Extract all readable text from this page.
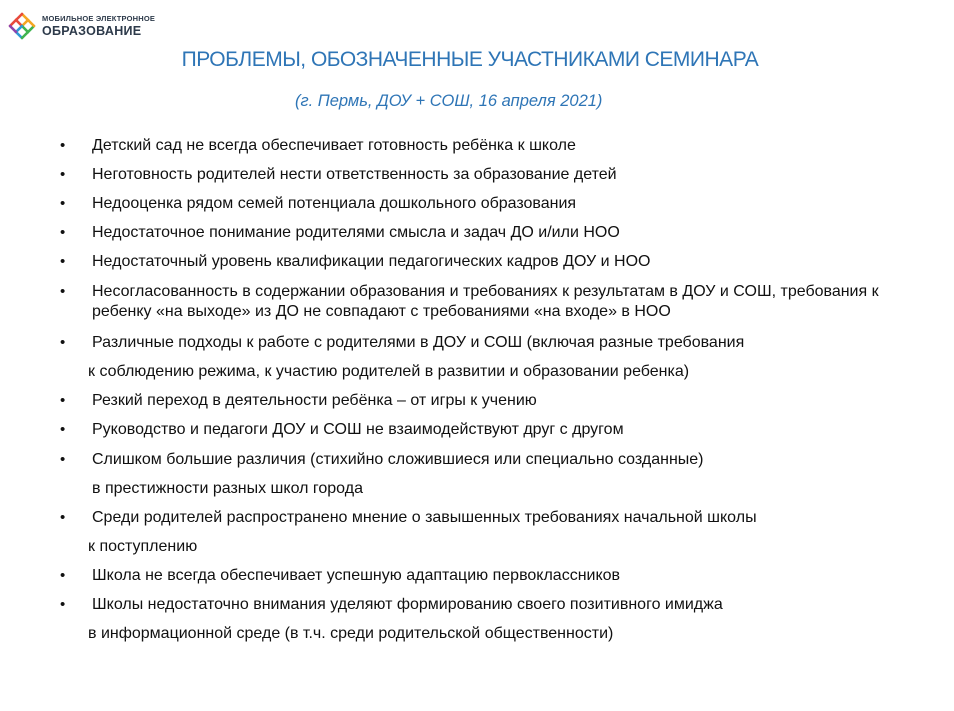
МОБИЛЬНОЕ ЭЛЕКТРОННОЕ
ОБРАЗОВАНИЕ
ПРОБЛЕМЫ, ОБОЗНАЧЕННЫЕ УЧАСТНИКАМИ СЕМИНАРА

(г. Пермь, ДОУ + СОШ, 16 апреля 2021)

• Детский сад не всегда обеспечивает готовность ребёнка к школе
• Неготовность родителей нести ответственность за образование детей
• Недооценка рядом семей потенциала дошкольного образования
• Недостаточное понимание родителями смысла и задач ДО и/или НОО
• Недостаточный уровень квалификации педагогических кадров ДОУ и НОО
• Несогласованность в содержании образования и требованиях к результатам в ДОУ и СОШ, требования к ребенку «на выходе» из ДО не совпадают с требованиями «на входе» в НОО
• Различные подходы к работе с родителями в ДОУ и СОШ (включая разные требования
к соблюдению режима, к участию родителей в развитии и образовании ребенка)
• Резкий переход в деятельности ребёнка – от игры к учению
• Руководство и педагоги ДОУ и СОШ не взаимодействуют друг с другом
• Слишком большие различия (стихийно сложившиеся или специально созданные)
в престижности разных школ города
• Среди родителей распространено мнение о завышенных требованиях начальной школы
к поступлению
• Школа не всегда обеспечивает успешную адаптацию первоклассников
• Школы недостаточно внимания уделяют формированию своего позитивного имиджа
в информационной среде (в т.ч. среди родительской общественности)
